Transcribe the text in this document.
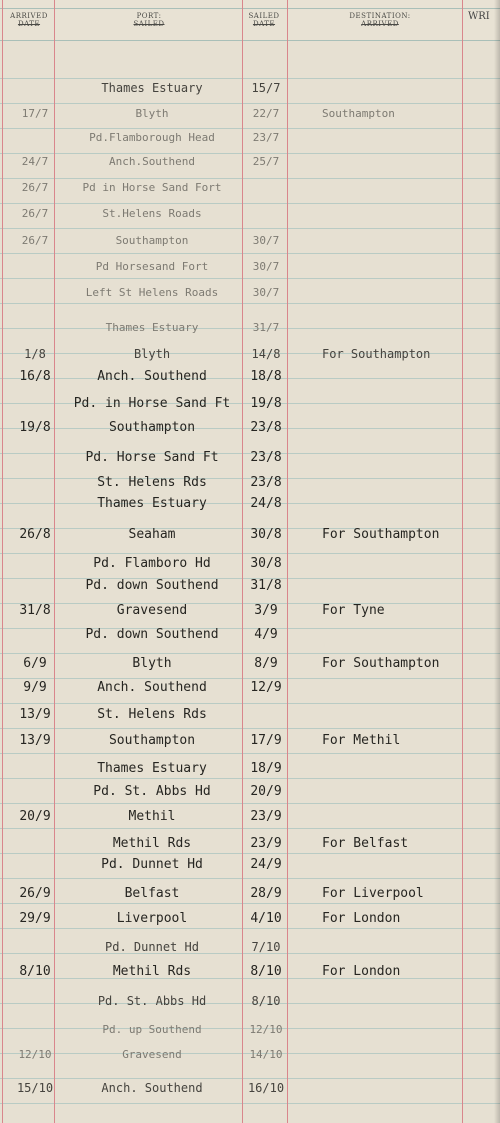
ARRIVED
DATE
PORT:
SAILED
SAILED
DATE
DESTINATION:
ARRIVED
WRI
Thames Estuary	15/7
17/7	Blyth	22/7	Southampton
Pd.Flamborough Head	23/7
24/7	Anch.Southend	25/7
26/7	Pd in Horse Sand Fort
26/7	St.Helens Roads
26/7	Southampton	30/7
Pd Horsesand Fort	30/7
Left St Helens Roads	30/7
Thames Estuary	31/7
1/8	Blyth	14/8	For Southampton
16/8	Anch. Southend	18/8
Pd. in Horse Sand Ft	19/8
19/8	Southampton	23/8
Pd. Horse Sand Ft	23/8
St. Helens Rds	23/8
Thames Estuary	24/8
26/8	Seaham	30/8	For Southampton
Pd. Flamboro Hd	30/8
Pd. down Southend	31/8
31/8	Gravesend	3/9	For Tyne
Pd. down Southend	4/9
6/9	Blyth	8/9	For Southampton
9/9	Anch. Southend	12/9
13/9	St. Helens Rds
13/9	Southampton	17/9	For Methil
Thames Estuary	18/9
Pd. St. Abbs Hd	20/9
20/9	Methil	23/9
Methil Rds	23/9	For Belfast
Pd. Dunnet Hd	24/9
26/9	Belfast	28/9	For Liverpool
29/9	Liverpool	4/10	For London
Pd. Dunnet Hd	7/10
8/10	Methil Rds	8/10	For London
Pd. St. Abbs Hd	8/10
Pd. up Southend	12/10
12/10	Gravesend	14/10
15/10	Anch. Southend	16/10
